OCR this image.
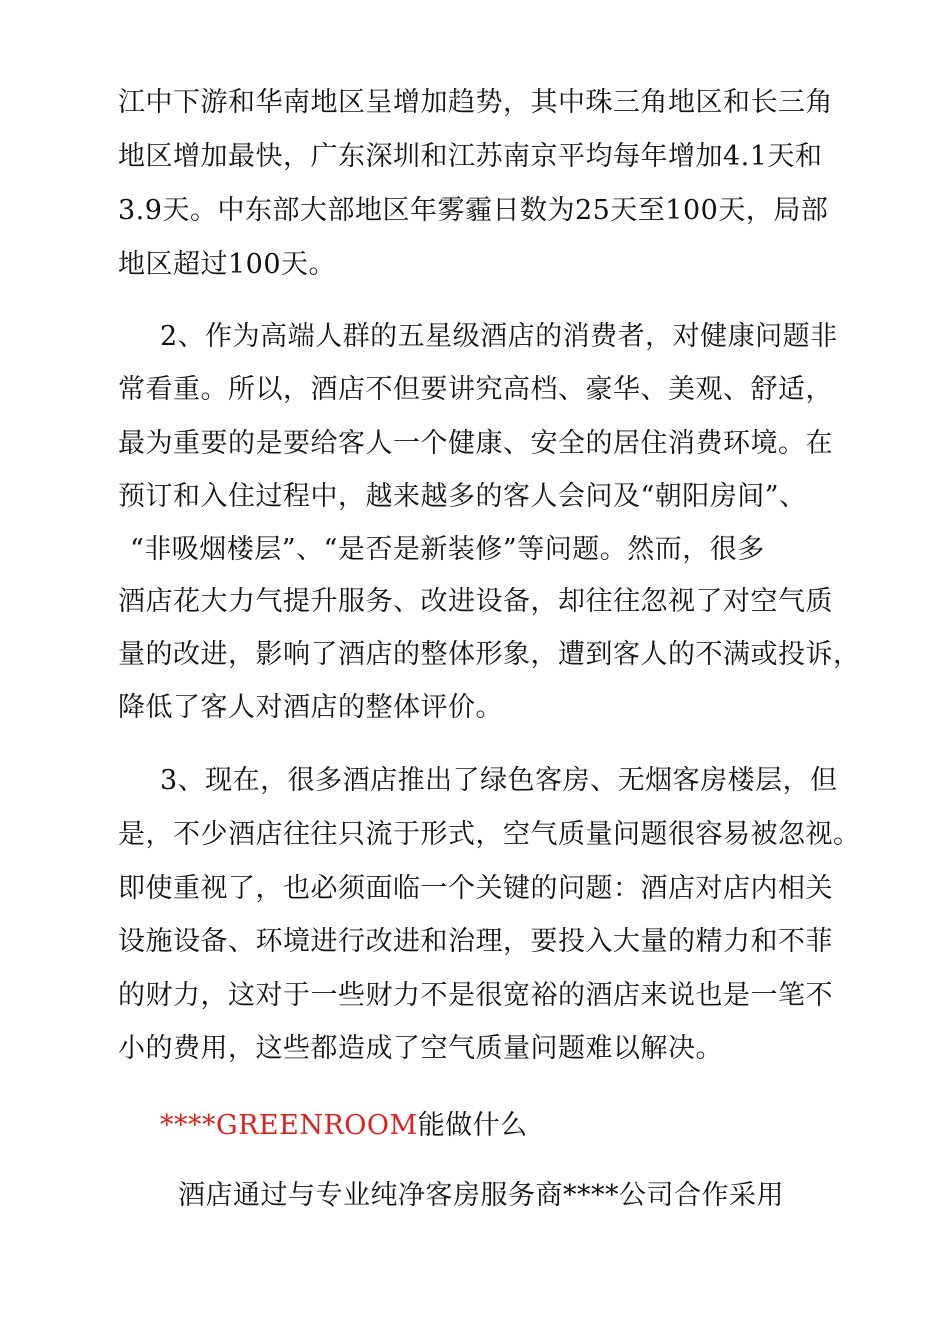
江中下游和华南地区呈增加趋势，其中珠三角地区和长三角
地区增加最快，广东深圳和江苏南京平均每年增加4.1天和
3.9天。中东部大部地区年雾霾日数为25天至100天，局部
地区超过100天。
2、作为高端人群的五星级酒店的消费者，对健康问题非
常看重。所以，酒店不但要讲究高档、豪华、美观、舒适，
最为重要的是要给客人一个健康、安全的居住消费环境。在
预订和入住过程中，越来越多的客人会问及“朝阳房间”、
“非吸烟楼层”、“是否是新装修”等问题。然而，很多
酒店花大力气提升服务、改进设备，却往往忽视了对空气质
量的改进，影响了酒店的整体形象，遭到客人的不满或投诉，
降低了客人对酒店的整体评价。
3、现在，很多酒店推出了绿色客房、无烟客房楼层，但
是，不少酒店往往只流于形式，空气质量问题很容易被忽视。
即使重视了，也必须面临一个关键的问题：酒店对店内相关
设施设备、环境进行改进和治理，要投入大量的精力和不菲
的财力，这对于一些财力不是很宽裕的酒店来说也是一笔不
小的费用，这些都造成了空气质量问题难以解决。
****GREENROOM能做什么
酒店通过与专业纯净客房服务商****公司合作采用
